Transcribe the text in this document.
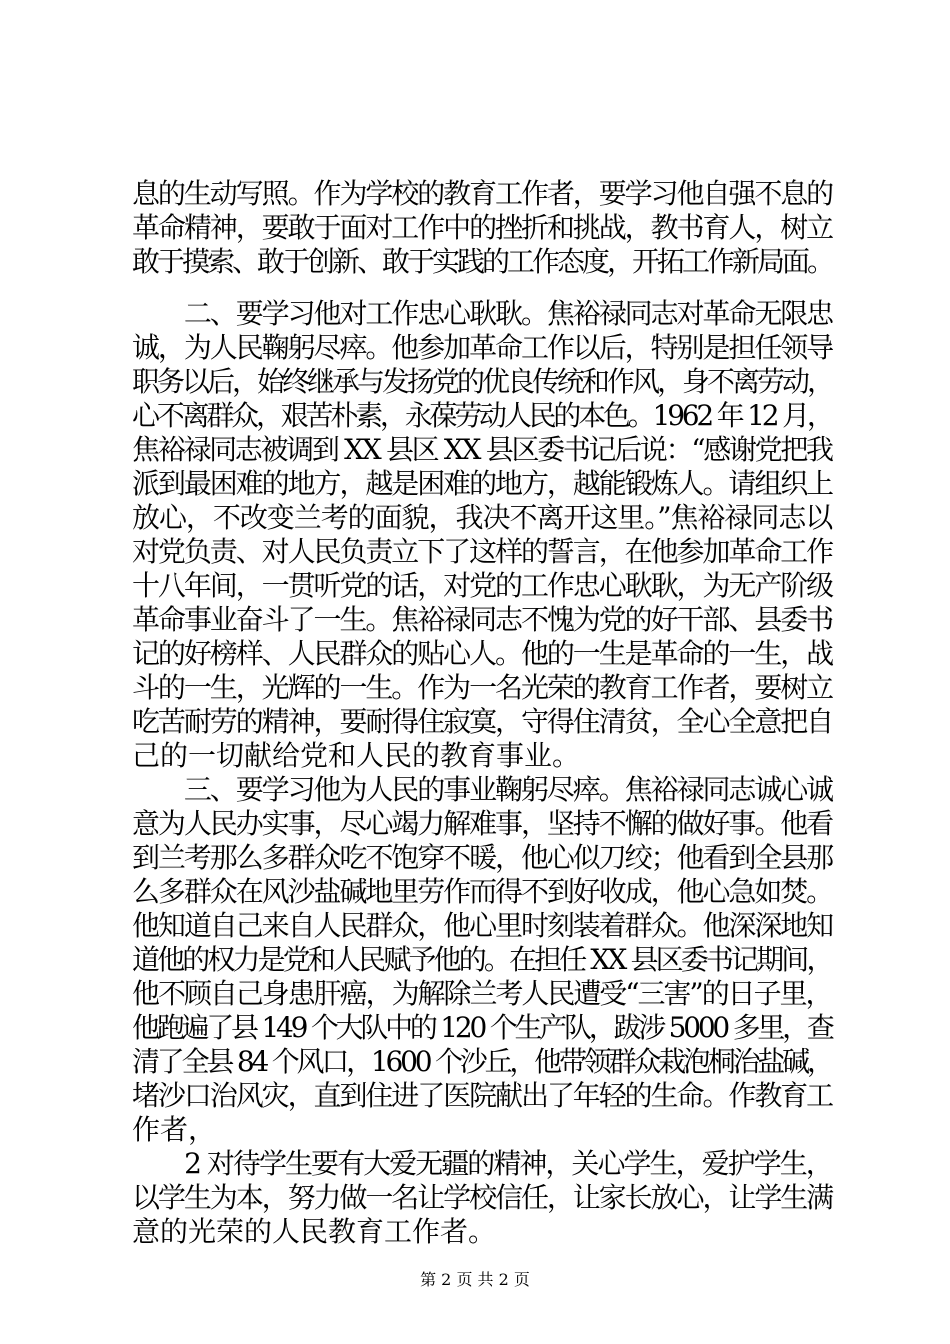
息的生动写照。作为学校的教育工作者，要学习他自强不息的
革命精神，要敢于面对工作中的挫折和挑战，教书育人，树立
敢于摸索、敢于创新、敢于实践的工作态度，开拓工作新局面。
　　二、要学习他对工作忠心耿耿。焦裕禄同志对革命无限忠
诚，为人民鞠躬尽瘁。他参加革命工作以后，特别是担任领导
职务以后，始终继承与发扬党的优良传统和作风，身不离劳动，
心不离群众，艰苦朴素，永葆劳动人民的本色。1962 年 12 月，
焦裕禄同志被调到 XX 县区 XX 县区委书记后说：“感谢党把我
派到最困难的地方，越是困难的地方，越能锻炼人。请组织上
放心，不改变兰考的面貌，我决不离开这里。”焦裕禄同志以
对党负责、对人民负责立下了这样的誓言，在他参加革命工作
十八年间，一贯听党的话，对党的工作忠心耿耿，为无产阶级
革命事业奋斗了一生。焦裕禄同志不愧为党的好干部、县委书
记的好榜样、人民群众的贴心人。他的一生是革命的一生，战
斗的一生，光辉的一生。作为一名光荣的教育工作者，要树立
吃苦耐劳的精神，要耐得住寂寞，守得住清贫，全心全意把自
己的一切献给党和人民的教育事业。
　　三、要学习他为人民的事业鞠躬尽瘁。焦裕禄同志诚心诚
意为人民办实事，尽心竭力解难事，坚持不懈的做好事。他看
到兰考那么多群众吃不饱穿不暖，他心似刀绞；他看到全县那
么多群众在风沙盐碱地里劳作而得不到好收成，他心急如焚。
他知道自己来自人民群众，他心里时刻装着群众。他深深地知
道他的权力是党和人民赋予他的。在担任 XX 县区委书记期间，
他不顾自己身患肝癌，为解除兰考人民遭受“三害”的日子里，
他跑遍了县 149 个大队中的 120 个生产队，跋涉 5000 多里，查
清了全县 84 个风口，1600 个沙丘，他带领群众栽泡桐治盐碱，
堵沙口治风灾，直到住进了医院献出了年轻的生命。作教育工
作者，
　　2 对待学生要有大爱无疆的精神，关心学生，爱护学生，
以学生为本，努力做一名让学校信任，让家长放心，让学生满
意的光荣的人民教育工作者。
第 2 页 共 2 页
